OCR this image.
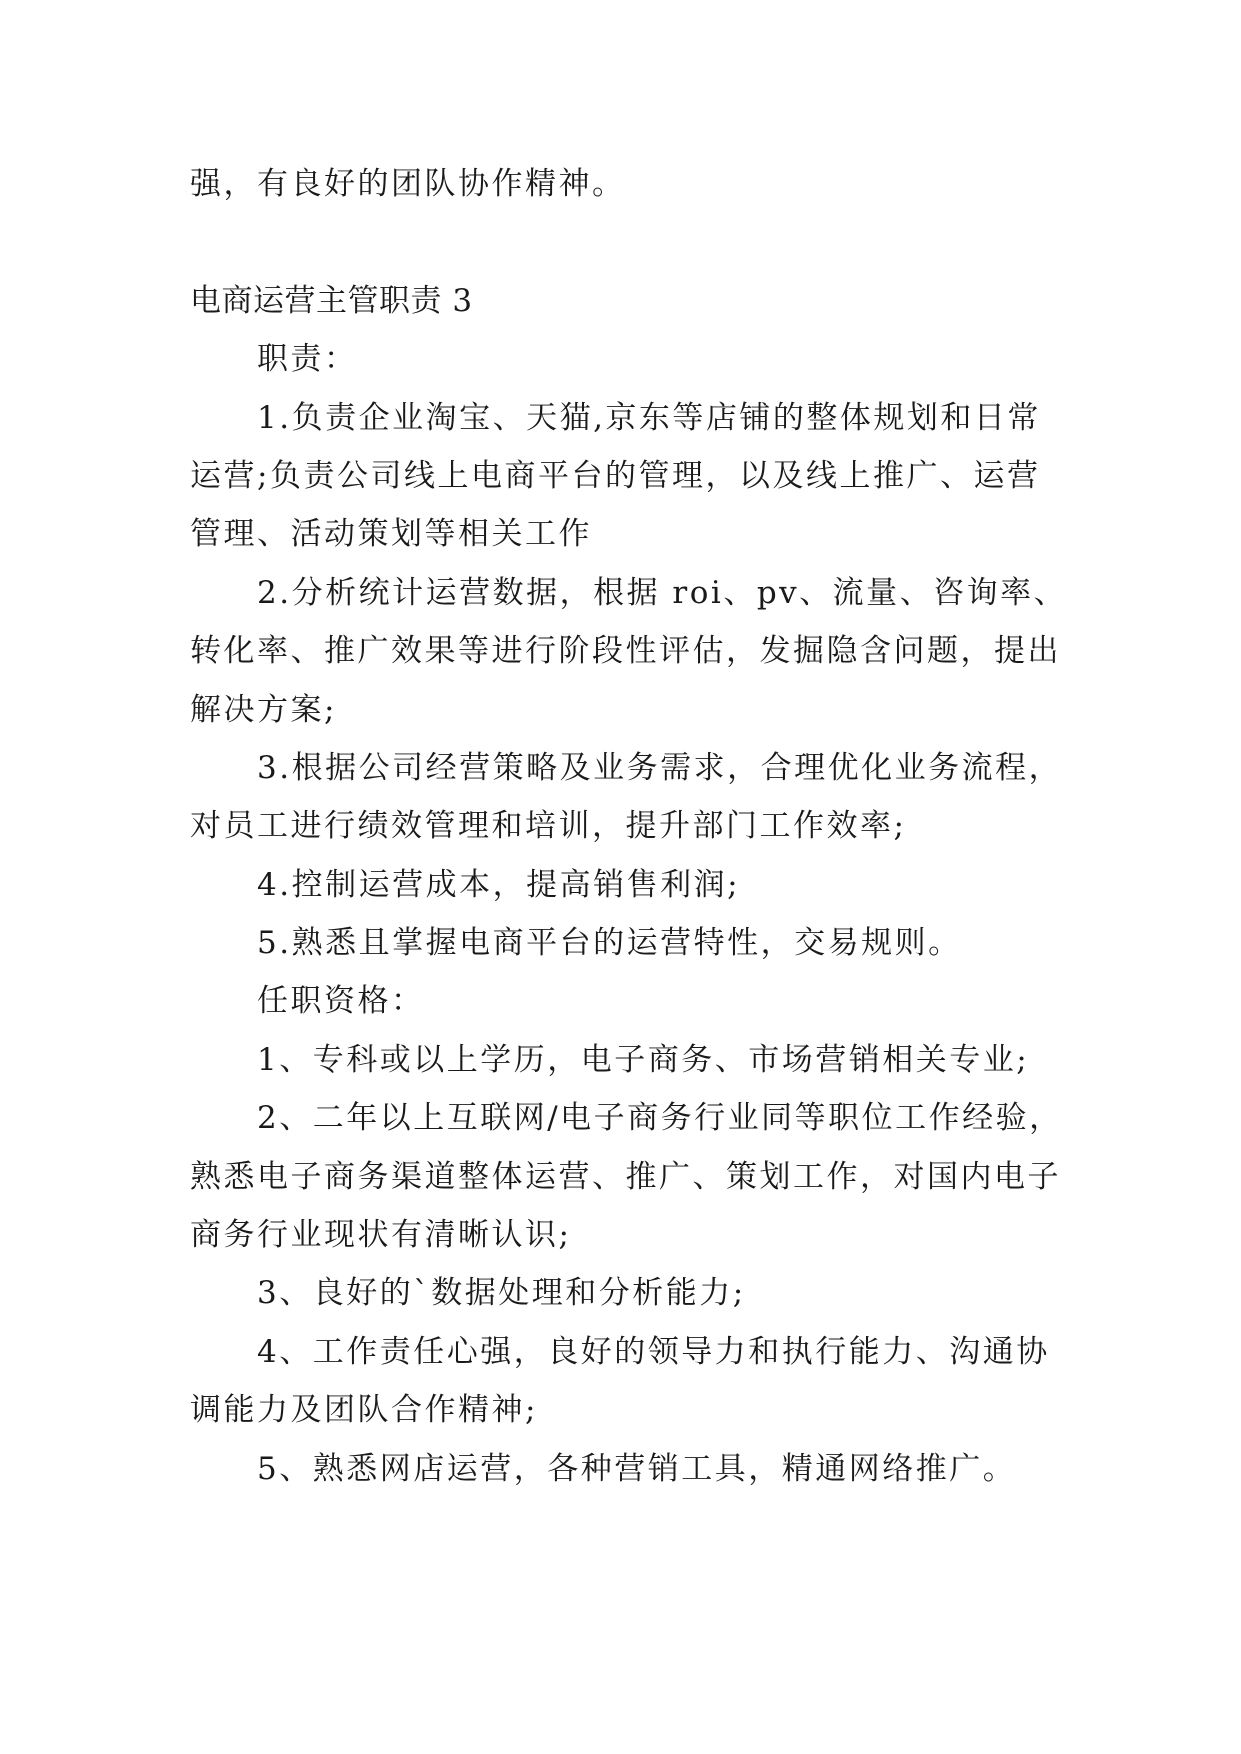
强，有良好的团队协作精神。
电商运营主管职责 3
职责：
1.负责企业淘宝、天猫,京东等店铺的整体规划和日常
运营;负责公司线上电商平台的管理，以及线上推广、运营
管理、活动策划等相关工作
2.分析统计运营数据，根据 roi、pv、流量、咨询率、
转化率、推广效果等进行阶段性评估，发掘隐含问题，提出
解决方案;
3.根据公司经营策略及业务需求，合理优化业务流程，
对员工进行绩效管理和培训，提升部门工作效率;
4.控制运营成本，提高销售利润;
5.熟悉且掌握电商平台的运营特性，交易规则。
任职资格：
1、专科或以上学历，电子商务、市场营销相关专业;
2、二年以上互联网/电子商务行业同等职位工作经验，
熟悉电子商务渠道整体运营、推广、策划工作，对国内电子
商务行业现状有清晰认识;
3、良好的`数据处理和分析能力;
4、工作责任心强，良好的领导力和执行能力、沟通协
调能力及团队合作精神;
5、熟悉网店运营，各种营销工具，精通网络推广。
